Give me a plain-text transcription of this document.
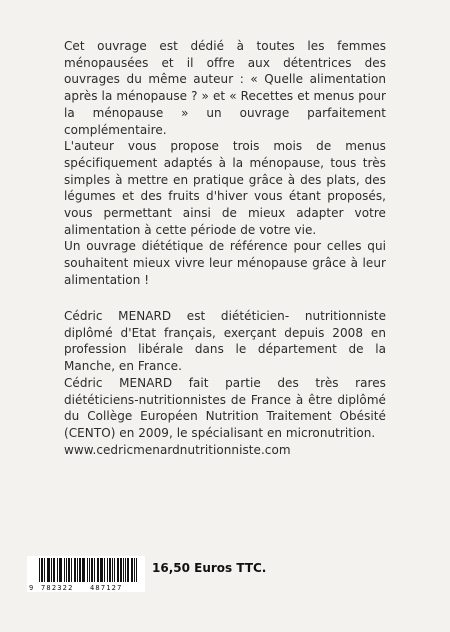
Cet ouvrage est dédié à toutes les femmes ménopausées et il offre aux détentrices des ouvrages du même auteur : « Quelle alimentation après la ménopause ? » et « Recettes et menus pour la ménopause » un ouvrage parfaitement complémentaire.

L'auteur vous propose trois mois de menus spécifiquement adaptés à la ménopause, tous très simples à mettre en pratique grâce à des plats, des légumes et des fruits d'hiver vous étant proposés, vous permettant ainsi de mieux adapter votre alimentation à cette période de votre vie.

Un ouvrage diététique de référence pour celles qui souhaitent mieux vivre leur ménopause grâce à leur alimentation !

Cédric MENARD est diététicien- nutritionniste diplômé d'Etat français, exerçant depuis 2008 en profession libérale dans le département de la Manche, en France.

Cédric MENARD fait partie des très rares diététiciens-nutritionnistes de France à être diplômé du Collège Européen Nutrition Traitement Obésité (CENTO) en 2009, le spécialisant en micronutrition.

www.cedricmenardnutritionniste.com

9 782322 487127
16,50 Euros TTC.
